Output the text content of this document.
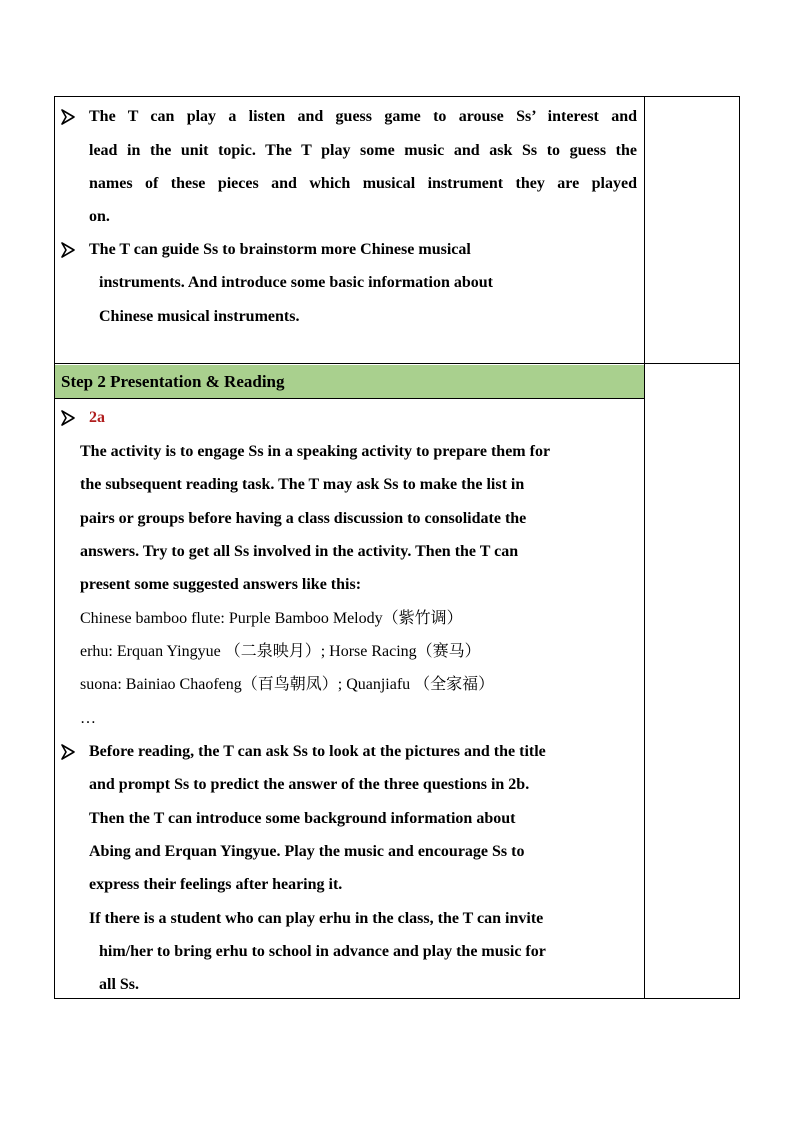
Step 2 Presentation & Reading
The T can play a listen and guess game to arouse Ss’ interest and
lead in the unit topic. The T play some music and ask Ss to guess the
names of these pieces and which musical instrument they are played
on.
The T can guide Ss to brainstorm more Chinese musical
instruments. And introduce some basic information about
Chinese musical instruments.
2a
The activity is to engage Ss in a speaking activity to prepare them for
the subsequent reading task. The T may ask Ss to make the list in
pairs or groups before having a class discussion to consolidate the
answers. Try to get all Ss involved in the activity. Then the T can
present some suggested answers like this:
Chinese bamboo flute: Purple Bamboo Melody（紫竹调）
erhu: Erquan Yingyue （二泉映月）; Horse Racing（赛马）
suona: Bainiao Chaofeng（百鸟朝凤）; Quanjiafu （全家福）
…
Before reading, the T can ask Ss to look at the pictures and the title
and prompt Ss to predict the answer of the three questions in 2b.
Then the T can introduce some background information about
Abing and Erquan Yingyue. Play the music and encourage Ss to
express their feelings after hearing it.
If there is a student who can play erhu in the class, the T can invite
him/her to bring erhu to school in advance and play the music for
all Ss.
